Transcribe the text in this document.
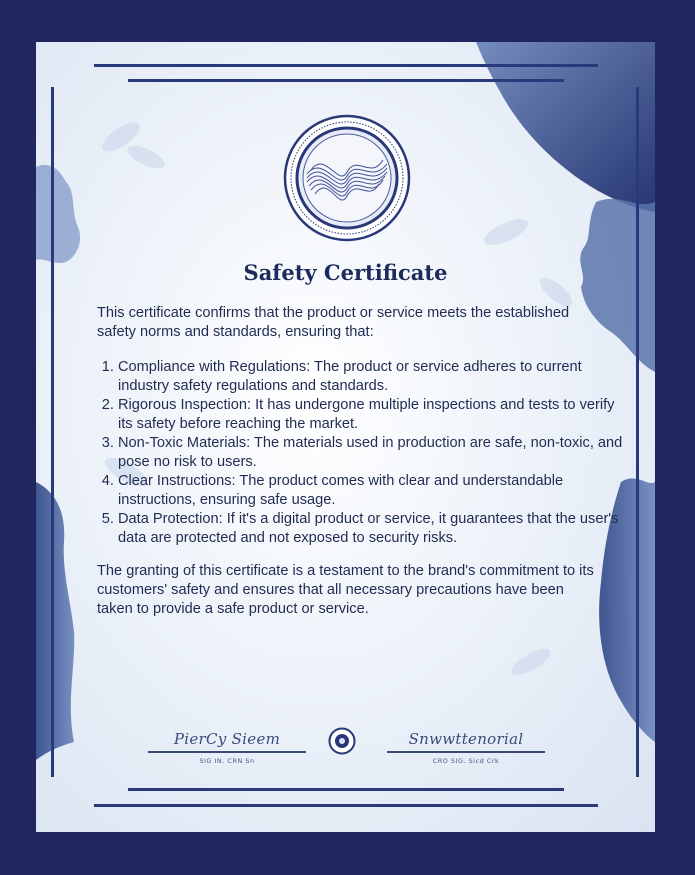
Safety Certificate

This certificate confirms that the product or service meets the established safety norms and standards, ensuring that:

1. Compliance with Regulations: The product or service adheres to current industry safety regulations and standards.
2. Rigorous Inspection: It has undergone multiple inspections and tests to verify its safety before reaching the market.
3. Non-Toxic Materials: The materials used in production are safe, non-toxic, and pose no risk to users.
4. Clear Instructions: The product comes with clear and understandable instructions, ensuring safe usage.
5. Data Protection: If it's a digital product or service, it guarantees that the user's data are protected and not exposed to security risks.

The granting of this certificate is a testament to the brand's commitment to its customers' safety and ensures that all necessary precautions have been taken to provide a safe product or service.

PierCy Sieem
SIG IN. CRN Sn
Snwwttenorial
CRO SIG. Sicd Crk
